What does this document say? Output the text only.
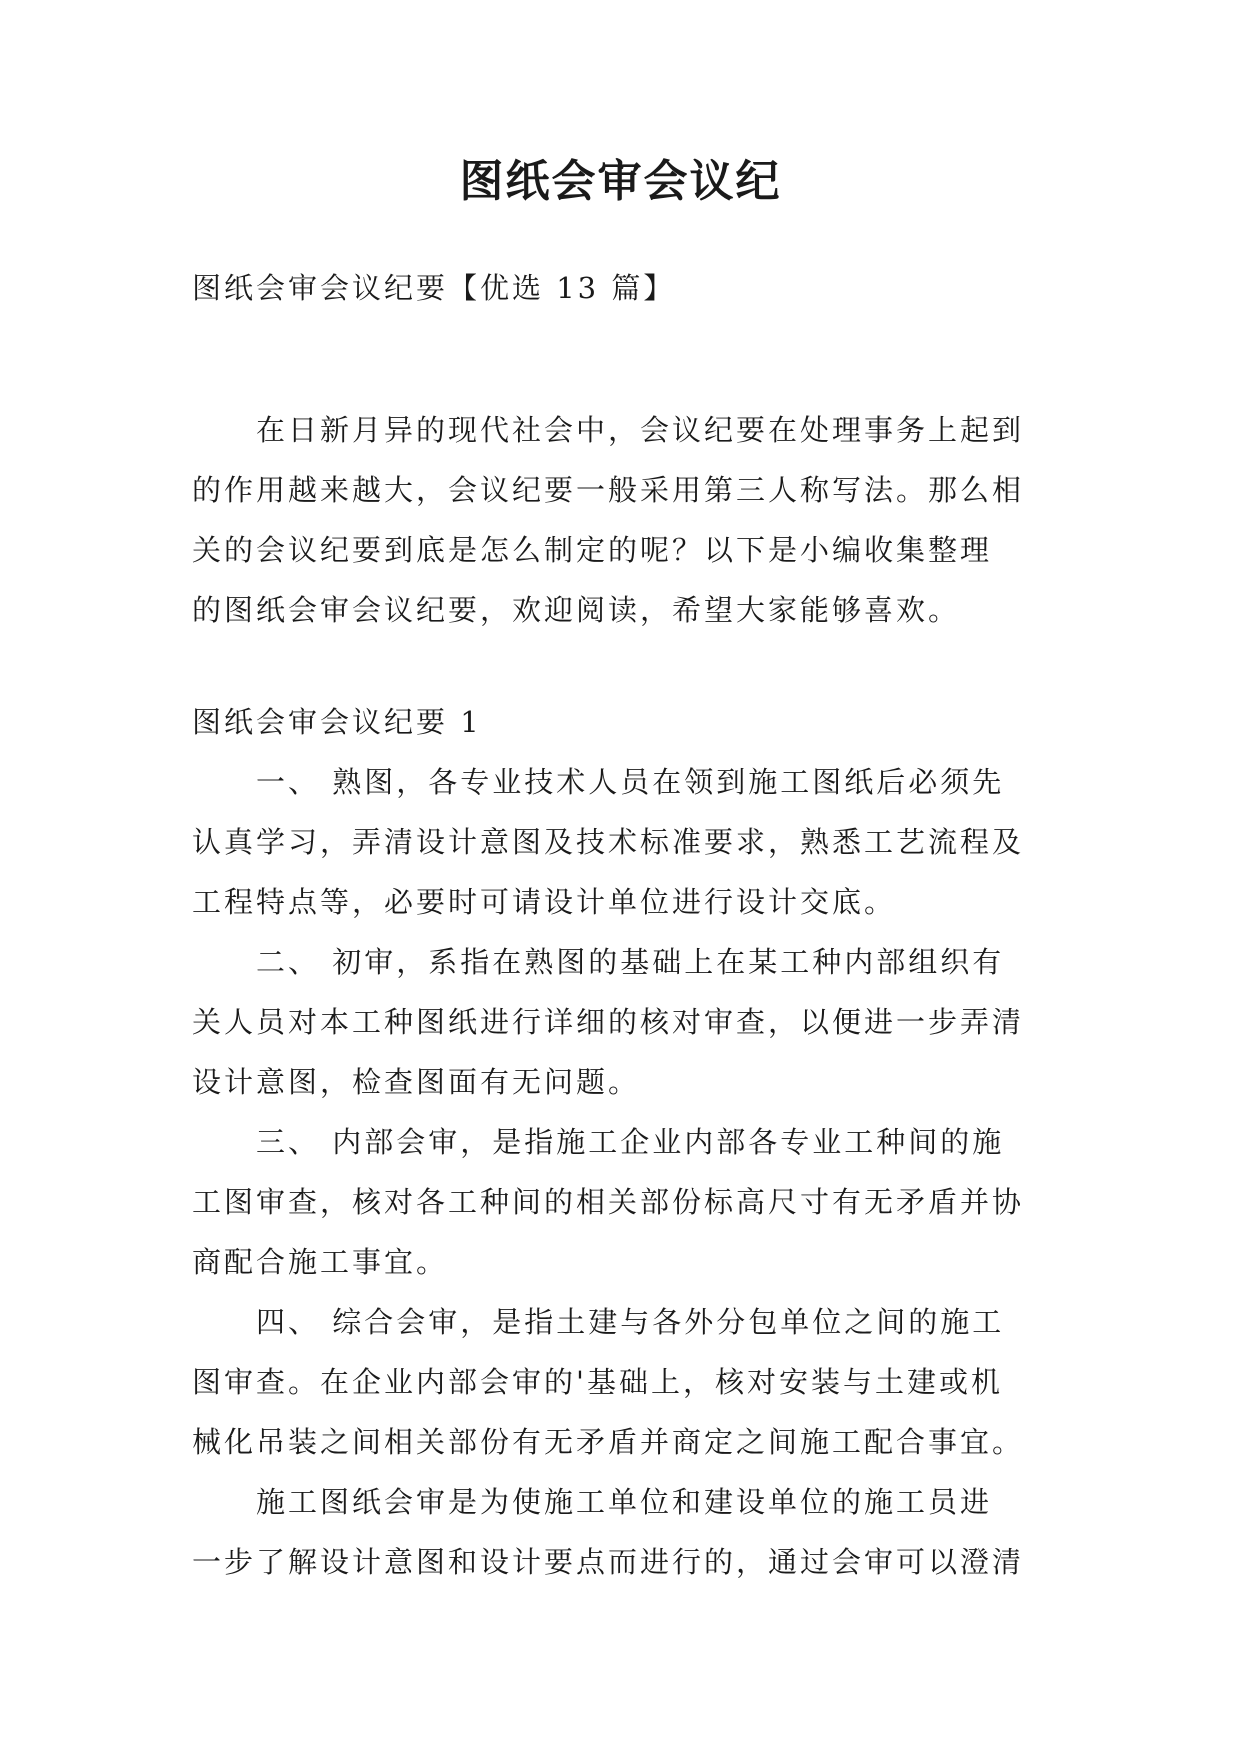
图纸会审会议纪
图纸会审会议纪要【优选 13 篇】
在日新月异的现代社会中，会议纪要在处理事务上起到
的作用越来越大，会议纪要一般采用第三人称写法。那么相
关的会议纪要到底是怎么制定的呢？以下是小编收集整理
的图纸会审会议纪要，欢迎阅读，希望大家能够喜欢。
图纸会审会议纪要 1
一、 熟图，各专业技术人员在领到施工图纸后必须先
认真学习，弄清设计意图及技术标准要求，熟悉工艺流程及
工程特点等，必要时可请设计单位进行设计交底。
二、 初审，系指在熟图的基础上在某工种内部组织有
关人员对本工种图纸进行详细的核对审查，以便进一步弄清
设计意图，检查图面有无问题。
三、 内部会审，是指施工企业内部各专业工种间的施
工图审查，核对各工种间的相关部份标高尺寸有无矛盾并协
商配合施工事宜。
四、 综合会审，是指土建与各外分包单位之间的施工
图审查。在企业内部会审的'基础上，核对安装与土建或机
械化吊装之间相关部份有无矛盾并商定之间施工配合事宜。
施工图纸会审是为使施工单位和建设单位的施工员进
一步了解设计意图和设计要点而进行的，通过会审可以澄清
